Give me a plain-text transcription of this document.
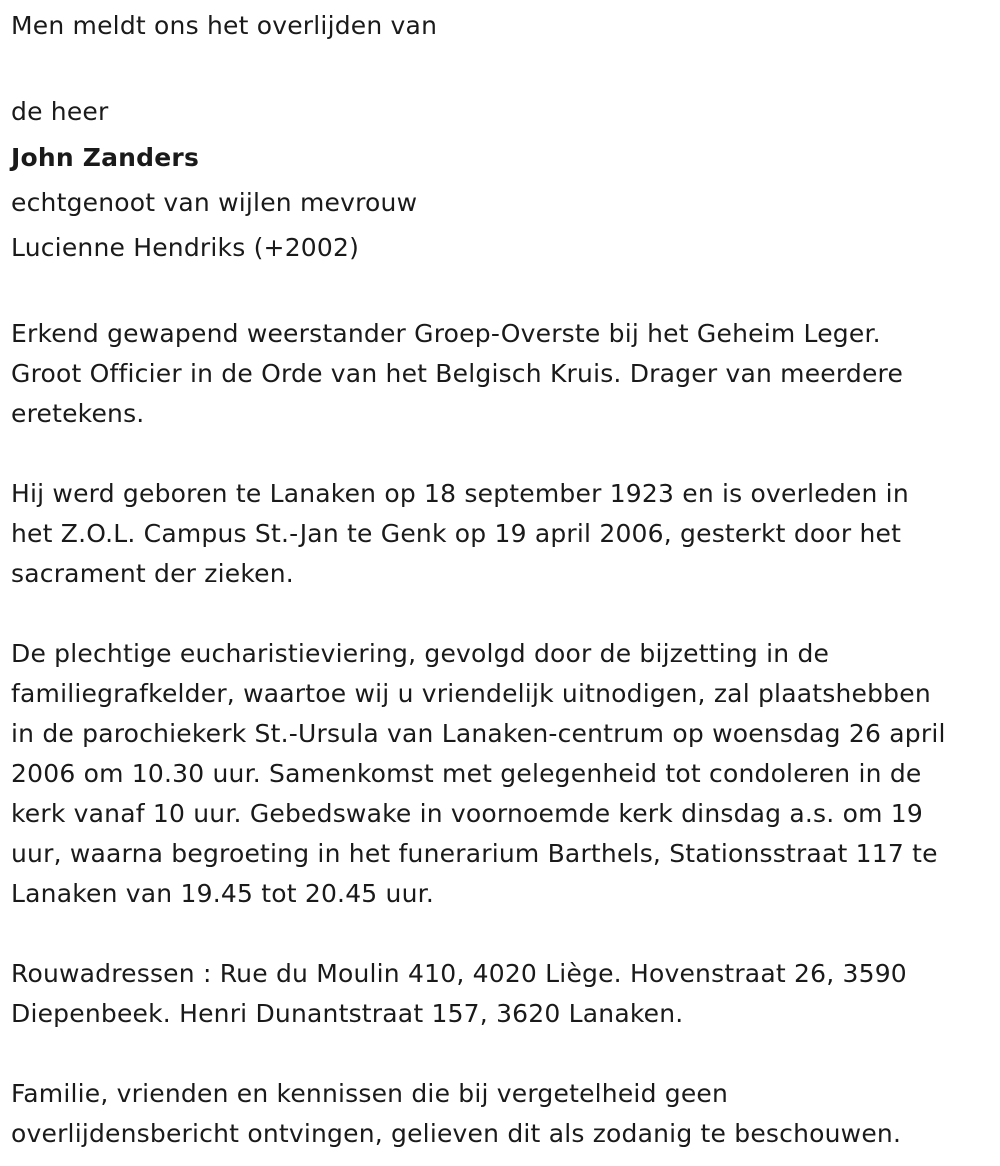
Men meldt ons het overlijden van
de heer
John Zanders
echtgenoot van wijlen mevrouw
Lucienne Hendriks (+2002)
Erkend gewapend weerstander Groep-Overste bij het Geheim Leger.
Groot Officier in de Orde van het Belgisch Kruis. Drager van meerdere
eretekens.
Hij werd geboren te Lanaken op 18 september 1923 en is overleden in
het Z.O.L. Campus St.-Jan te Genk op 19 april 2006, gesterkt door het
sacrament der zieken.
De plechtige eucharistieviering, gevolgd door de bijzetting in de
familiegrafkelder, waartoe wij u vriendelijk uitnodigen, zal plaatshebben
in de parochiekerk St.-Ursula van Lanaken-centrum op woensdag 26 april
2006 om 10.30 uur. Samenkomst met gelegenheid tot condoleren in de
kerk vanaf 10 uur. Gebedswake in voornoemde kerk dinsdag a.s. om 19
uur, waarna begroeting in het funerarium Barthels, Stationsstraat 117 te
Lanaken van 19.45 tot 20.45 uur.
Rouwadressen : Rue du Moulin 410, 4020 Liège. Hovenstraat 26, 3590
Diepenbeek. Henri Dunantstraat 157, 3620 Lanaken.
Familie, vrienden en kennissen die bij vergetelheid geen
overlijdensbericht ontvingen, gelieven dit als zodanig te beschouwen.
